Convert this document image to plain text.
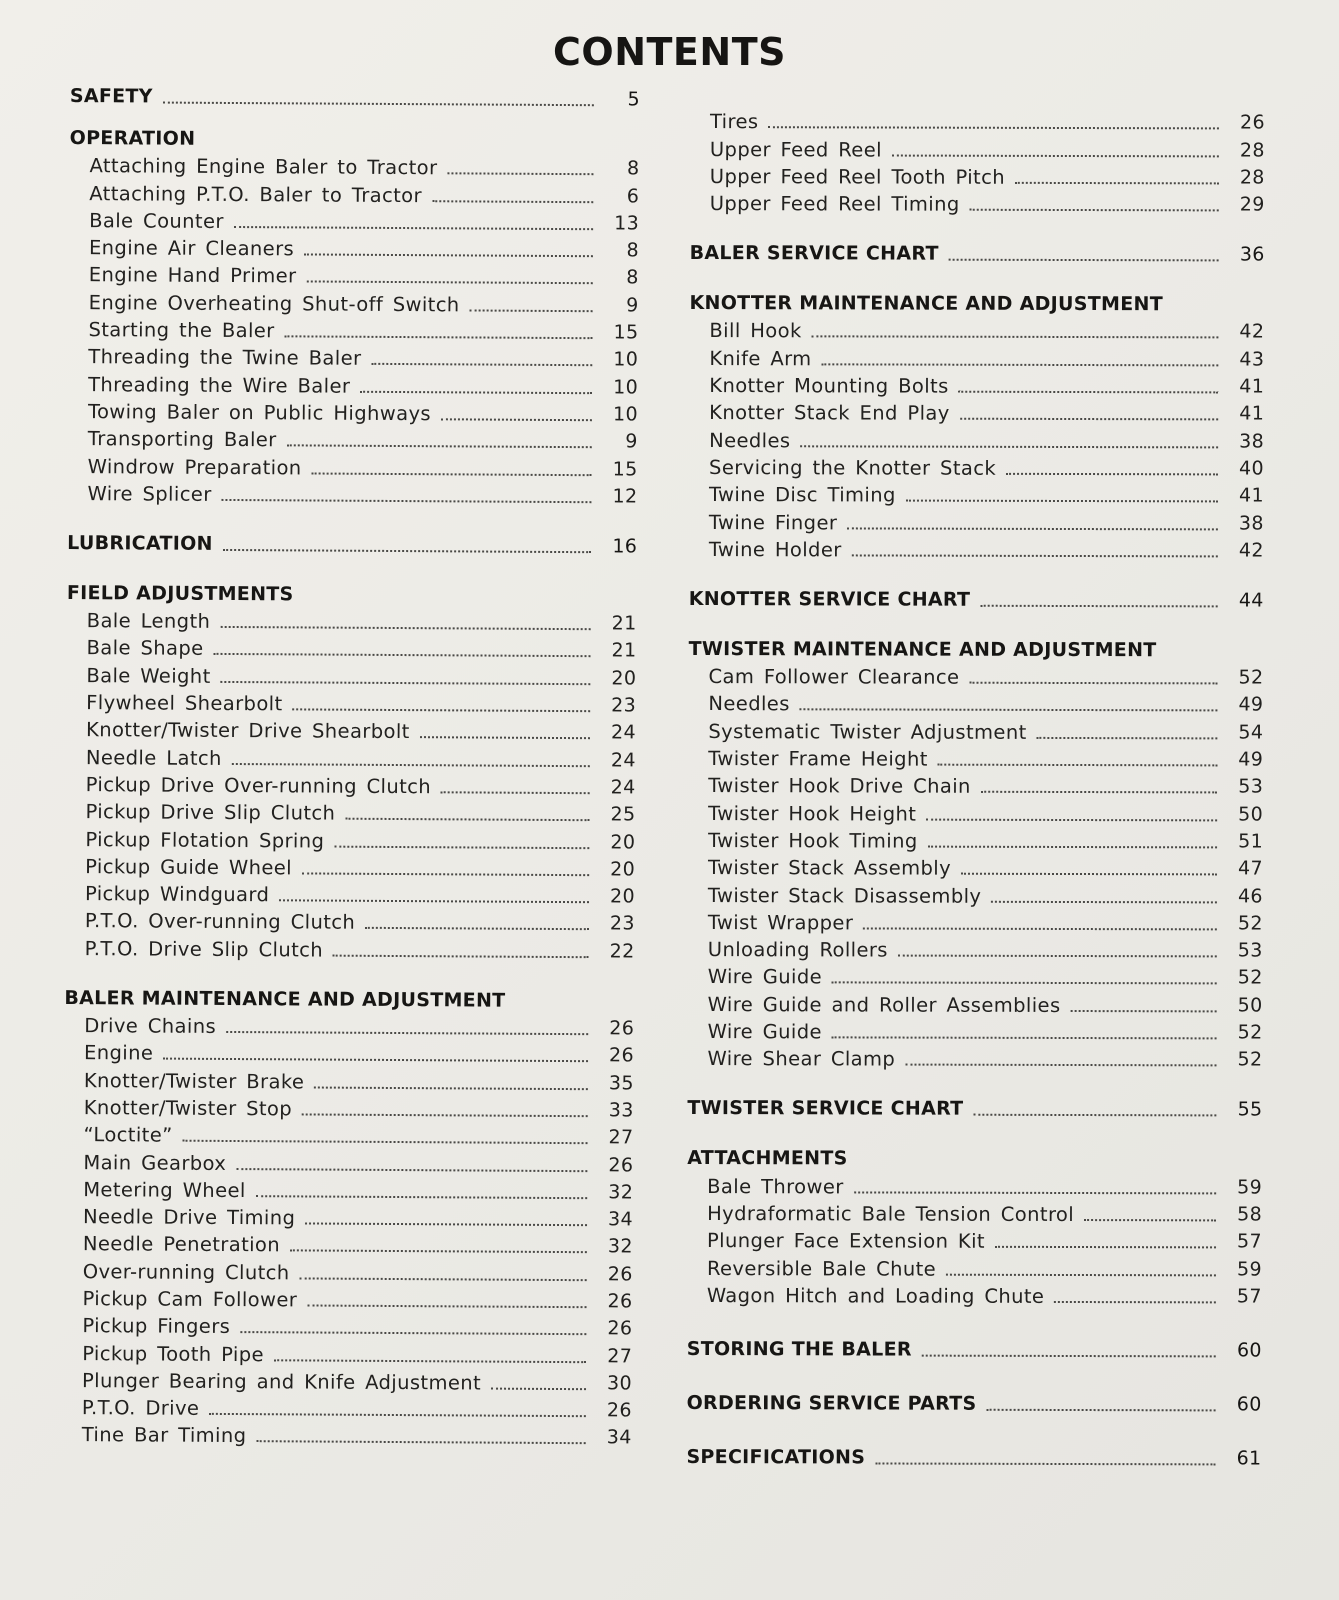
CONTENTS
SAFETY	5
OPERATION
Attaching Engine Baler to Tractor	8
Attaching P.T.O. Baler to Tractor	6
Bale Counter	13
Engine Air Cleaners	8
Engine Hand Primer	8
Engine Overheating Shut-off Switch	9
Starting the Baler	15
Threading the Twine Baler	10
Threading the Wire Baler	10
Towing Baler on Public Highways	10
Transporting Baler	9
Windrow Preparation	15
Wire Splicer	12
LUBRICATION	16
FIELD ADJUSTMENTS
Bale Length	21
Bale Shape	21
Bale Weight	20
Flywheel Shearbolt	23
Knotter/Twister Drive Shearbolt	24
Needle Latch	24
Pickup Drive Over-running Clutch	24
Pickup Drive Slip Clutch	25
Pickup Flotation Spring	20
Pickup Guide Wheel	20
Pickup Windguard	20
P.T.O. Over-running Clutch	23
P.T.O. Drive Slip Clutch	22
BALER MAINTENANCE AND ADJUSTMENT
Drive Chains	26
Engine	26
Knotter/Twister Brake	35
Knotter/Twister Stop	33
“Loctite”	27
Main Gearbox	26
Metering Wheel	32
Needle Drive Timing	34
Needle Penetration	32
Over-running Clutch	26
Pickup Cam Follower	26
Pickup Fingers	26
Pickup Tooth Pipe	27
Plunger Bearing and Knife Adjustment	30
P.T.O. Drive	26
Tine Bar Timing	34
Tires	26
Upper Feed Reel	28
Upper Feed Reel Tooth Pitch	28
Upper Feed Reel Timing	29
BALER SERVICE CHART	36
KNOTTER MAINTENANCE AND ADJUSTMENT
Bill Hook	42
Knife Arm	43
Knotter Mounting Bolts	41
Knotter Stack End Play	41
Needles	38
Servicing the Knotter Stack	40
Twine Disc Timing	41
Twine Finger	38
Twine Holder	42
KNOTTER SERVICE CHART	44
TWISTER MAINTENANCE AND ADJUSTMENT
Cam Follower Clearance	52
Needles	49
Systematic Twister Adjustment	54
Twister Frame Height	49
Twister Hook Drive Chain	53
Twister Hook Height	50
Twister Hook Timing	51
Twister Stack Assembly	47
Twister Stack Disassembly	46
Twist Wrapper	52
Unloading Rollers	53
Wire Guide	52
Wire Guide and Roller Assemblies	50
Wire Guide	52
Wire Shear Clamp	52
TWISTER SERVICE CHART	55
ATTACHMENTS
Bale Thrower	59
Hydraformatic Bale Tension Control	58
Plunger Face Extension Kit	57
Reversible Bale Chute	59
Wagon Hitch and Loading Chute	57
STORING THE BALER	60
ORDERING SERVICE PARTS	60
SPECIFICATIONS	61
